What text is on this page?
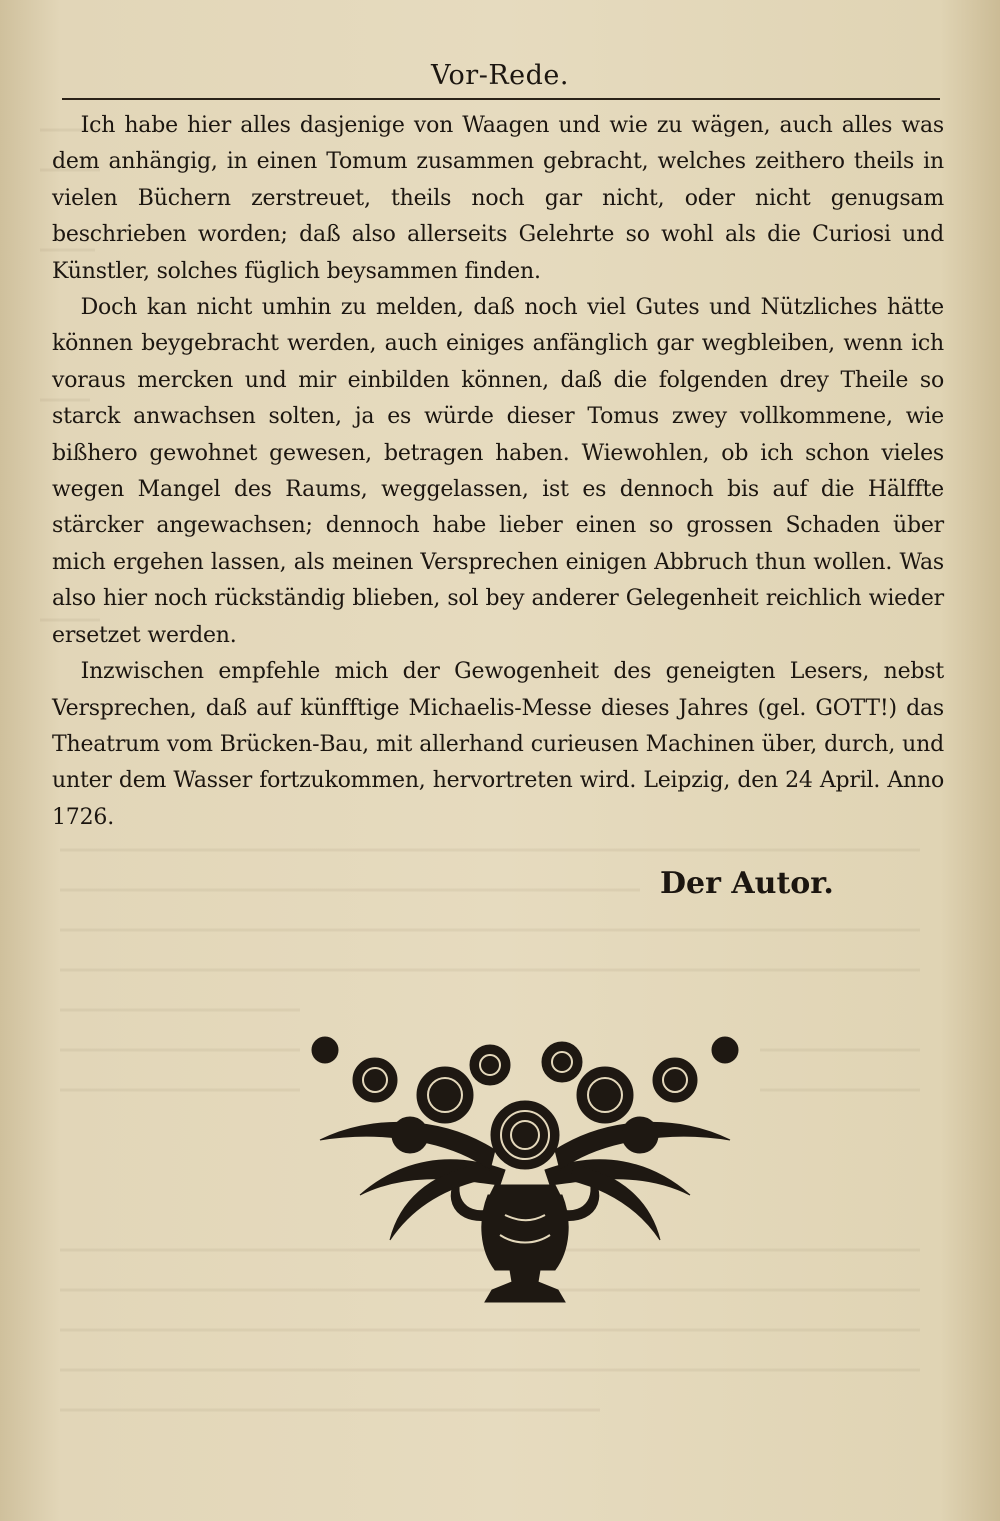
Vor-Rede.

Ich habe hier alles dasjenige von Waagen und wie zu wägen, auch alles was dem anhängig, in einen Tomum zusammen gebracht, welches zeithero theils in vielen Büchern zerstreuet, theils noch gar nicht, oder nicht genugsam beschrieben worden; daß also allerseits Gelehrte so wohl als die Curiosi und Künstler, solches füglich beysammen finden.

Doch kan nicht umhin zu melden, daß noch viel Gutes und Nützliches hätte können beygebracht werden, auch einiges anfänglich gar wegbleiben, wenn ich voraus mercken und mir einbilden können, daß die folgenden drey Theile so starck anwachsen solten, ja es würde dieser Tomus zwey vollkommene, wie bißhero gewohnet gewesen, betragen haben. Wiewohlen, ob ich schon vieles wegen Mangel des Raums, weggelassen, ist es dennoch bis auf die Hälffte stärcker angewachsen; dennoch habe lieber einen so grossen Schaden über mich ergehen lassen, als meinen Versprechen einigen Abbruch thun wollen. Was also hier noch rückständig blieben, sol bey anderer Gelegenheit reichlich wieder ersetzet werden.

Inzwischen empfehle mich der Gewogenheit des geneigten Lesers, nebst Versprechen, daß auf künfftige Michaelis-Messe dieses Jahres (gel. GOTT!) das Theatrum vom Brücken-Bau, mit allerhand curieusen Machinen über, durch, und unter dem Wasser fortzukommen, hervortreten wird. Leipzig, den 24 April. Anno 1726.

Der Autor.
